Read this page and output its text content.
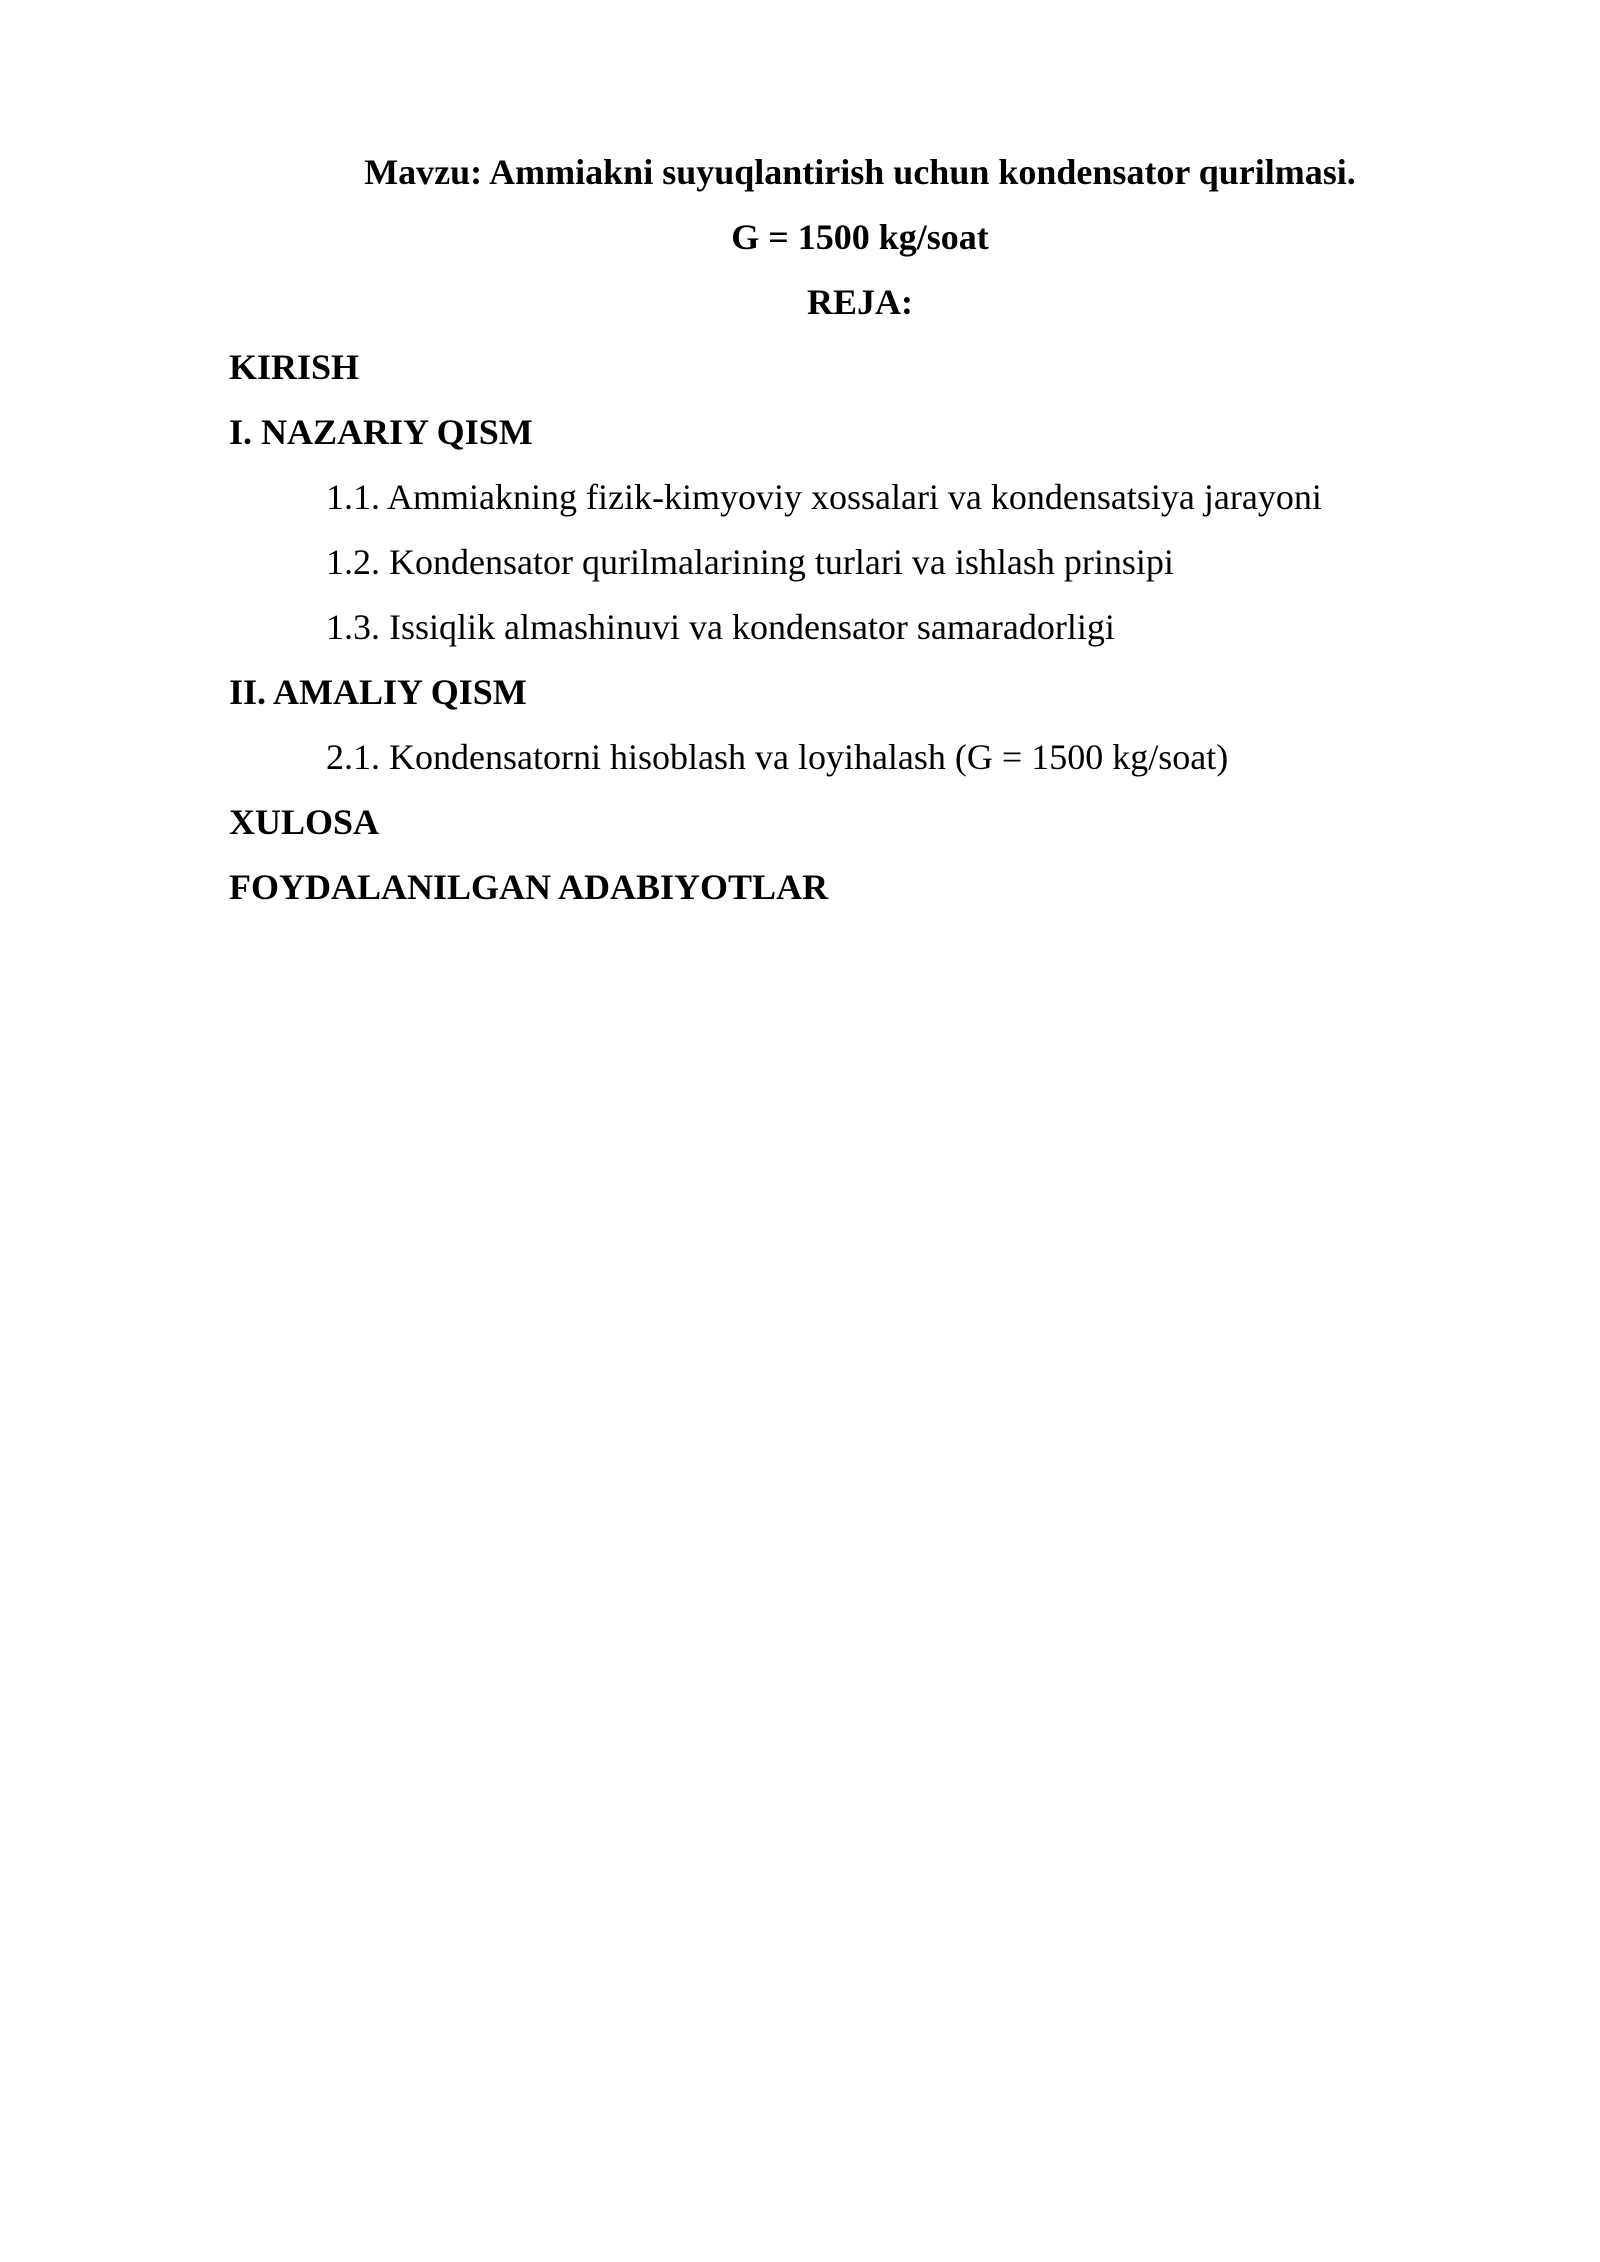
Mavzu: Ammiakni suyuqlantirish uchun kondensator qurilmasi.
G = 1500 kg/soat
REJA:
KIRISH
I. NAZARIY QISM
1.1. Ammiakning fizik-kimyoviy xossalari va kondensatsiya jarayoni
1.2. Kondensator qurilmalarining turlari va ishlash prinsipi
1.3. Issiqlik almashinuvi va kondensator samaradorligi
II. AMALIY QISM
2.1. Kondensatorni hisoblash va loyihalash (G = 1500 kg/soat)
XULOSA
FOYDALANILGAN ADABIYOTLAR
